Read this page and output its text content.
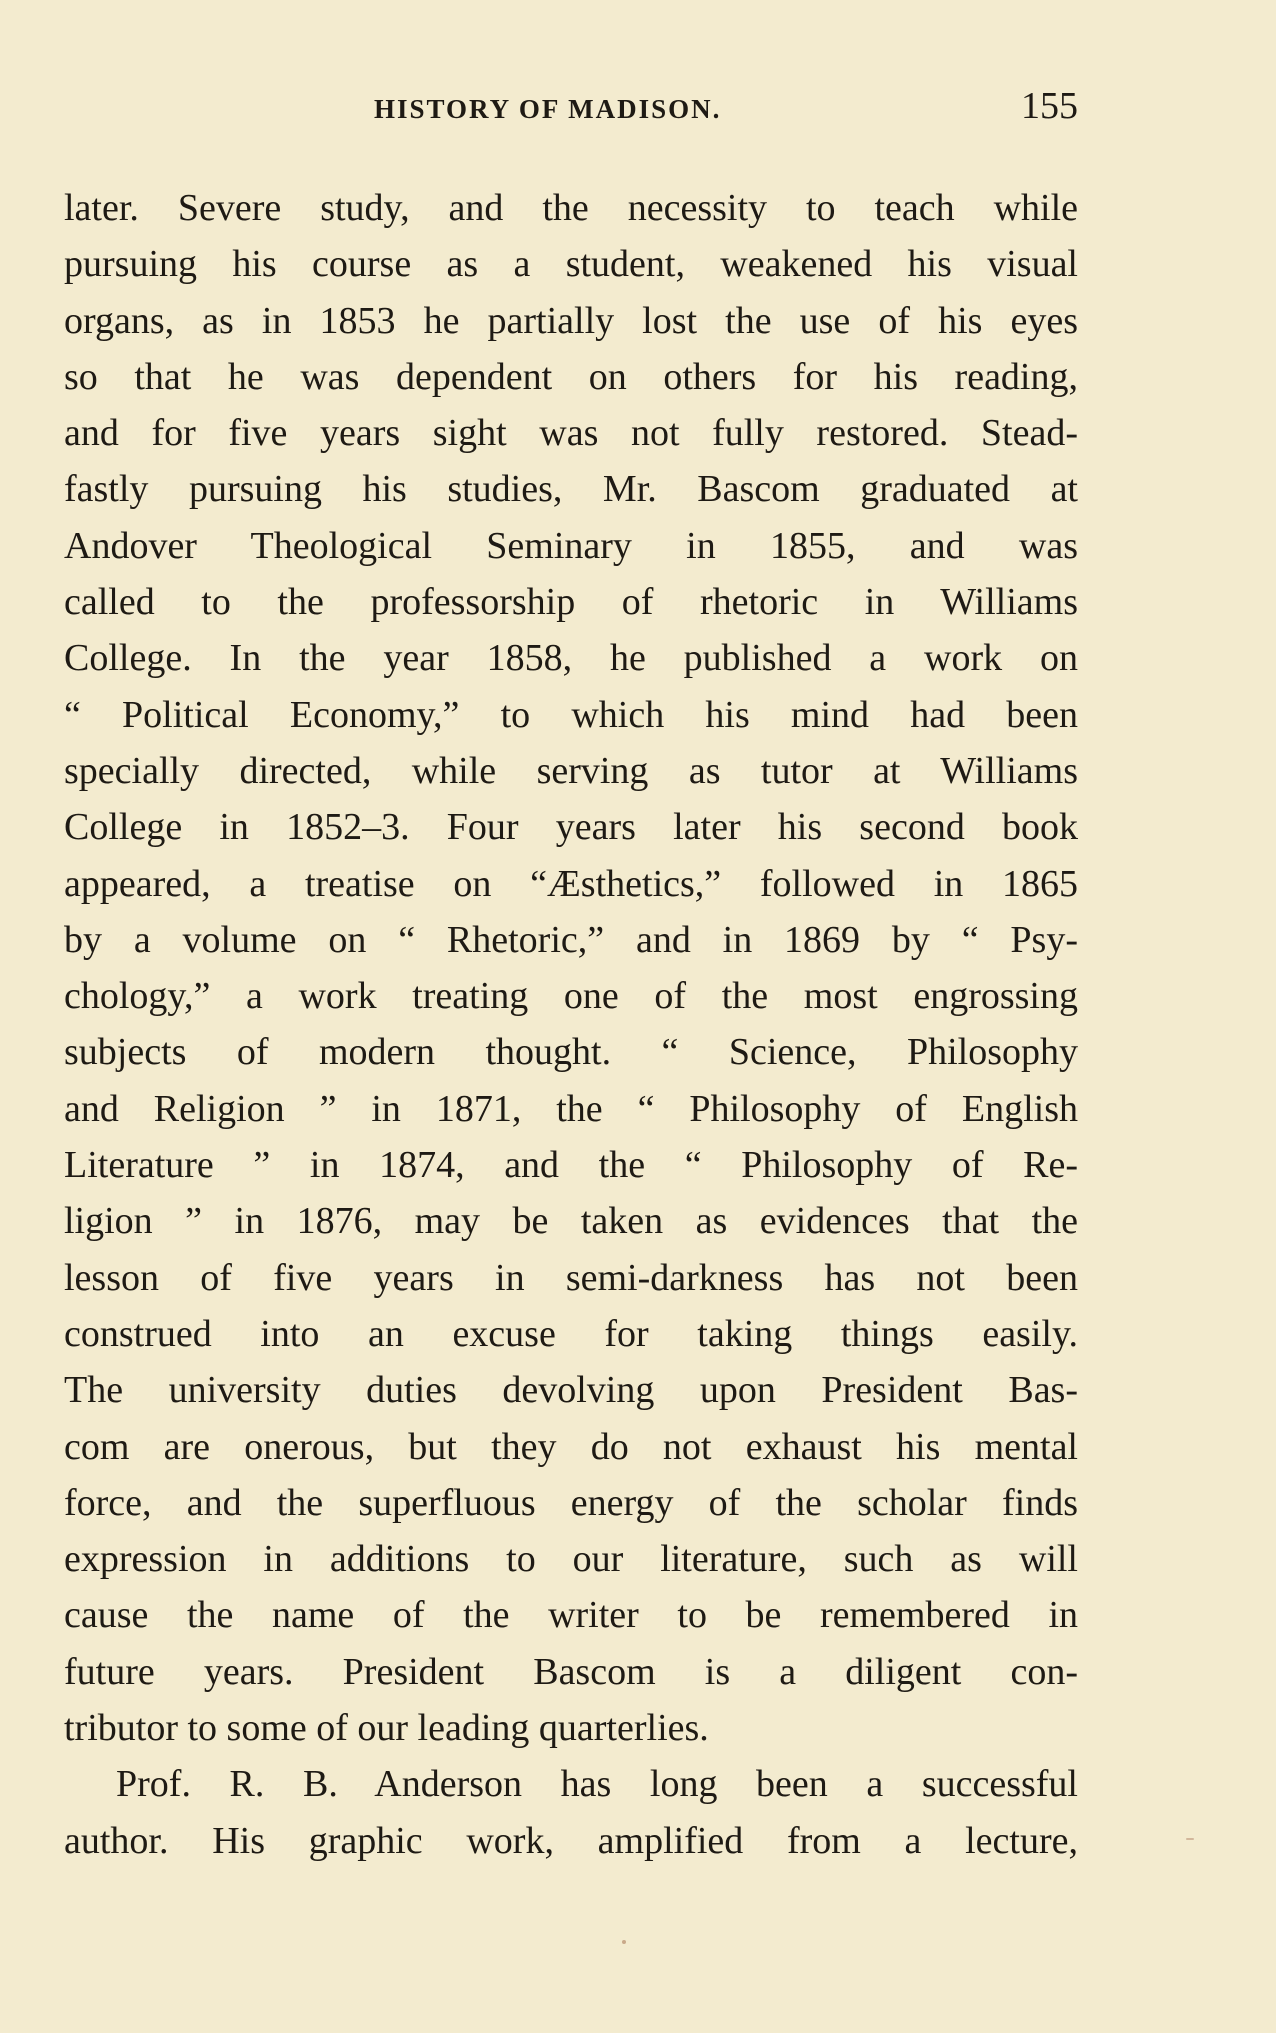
HISTORY OF MADISON.	155
later. Severe study, and the necessity to teach while
pursuing his course as a student, weakened his visual
organs, as in 1853 he partially lost the use of his eyes
so that he was dependent on others for his reading,
and for five years sight was not fully restored. Stead-
fastly pursuing his studies, Mr. Bascom graduated at
Andover Theological Seminary in 1855, and was
called to the professorship of rhetoric in Williams
College. In the year 1858, he published a work on
“ Political Economy,” to which his mind had been
specially directed, while serving as tutor at Williams
College in 1852–3. Four years later his second book
appeared, a treatise on “Æsthetics,” followed in 1865
by a volume on “ Rhetoric,” and in 1869 by “ Psy-
chology,” a work treating one of the most engrossing
subjects of modern thought. “ Science, Philosophy
and Religion ” in 1871, the “ Philosophy of English
Literature ” in 1874, and the “ Philosophy of Re-
ligion ” in 1876, may be taken as evidences that the
lesson of five years in semi-darkness has not been
construed into an excuse for taking things easily.
The university duties devolving upon President Bas-
com are onerous, but they do not exhaust his mental
force, and the superfluous energy of the scholar finds
expression in additions to our literature, such as will
cause the name of the writer to be remembered in
future years. President Bascom is a diligent con-
tributor to some of our leading quarterlies.
Prof. R. B. Anderson has long been a successful
author. His graphic work, amplified from a lecture,
